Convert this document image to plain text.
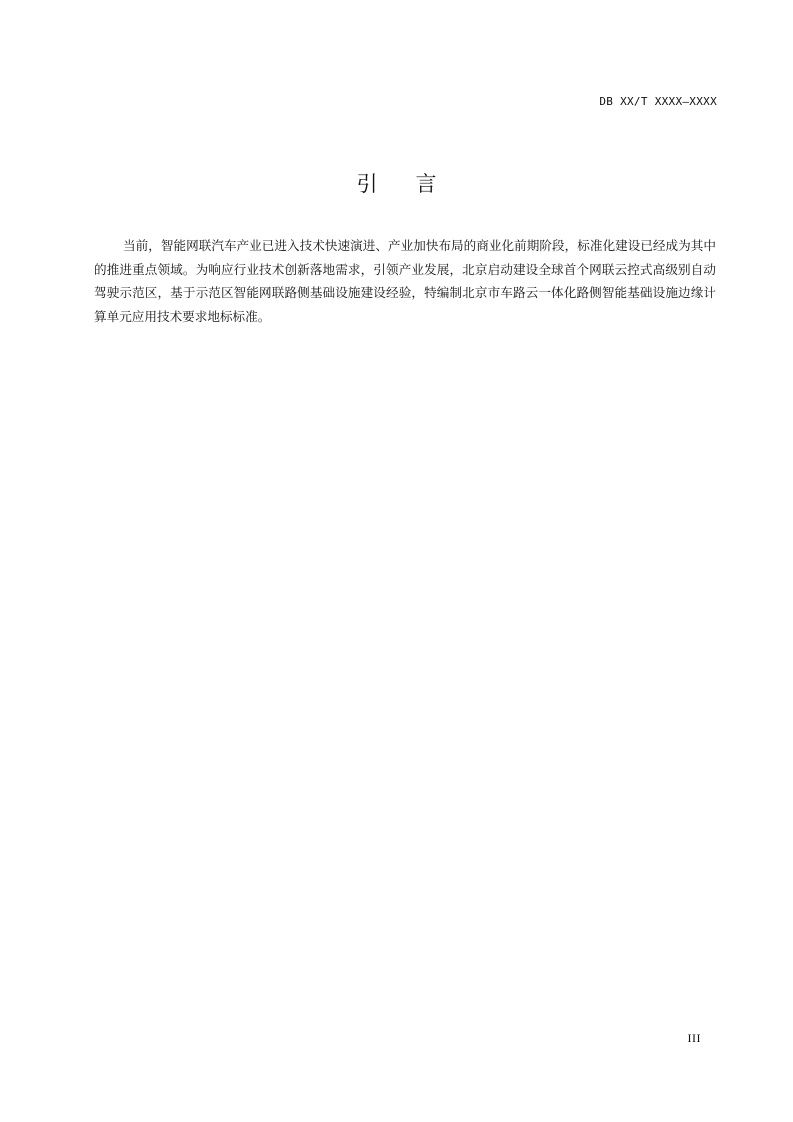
DB XX/T XXXX—XXXX
引言

当前，智能网联汽车产业已进入技术快速演进、产业加快布局的商业化前期阶段，标准化建设已经成为其中的推进重点领域。为响应行业技术创新落地需求，引领产业发展，北京启动建设全球首个网联云控式高级别自动驾驶示范区，基于示范区智能网联路侧基础设施建设经验，特编制北京市车路云一体化路侧智能基础设施边缘计算单元应用技术要求地标标准。

III
